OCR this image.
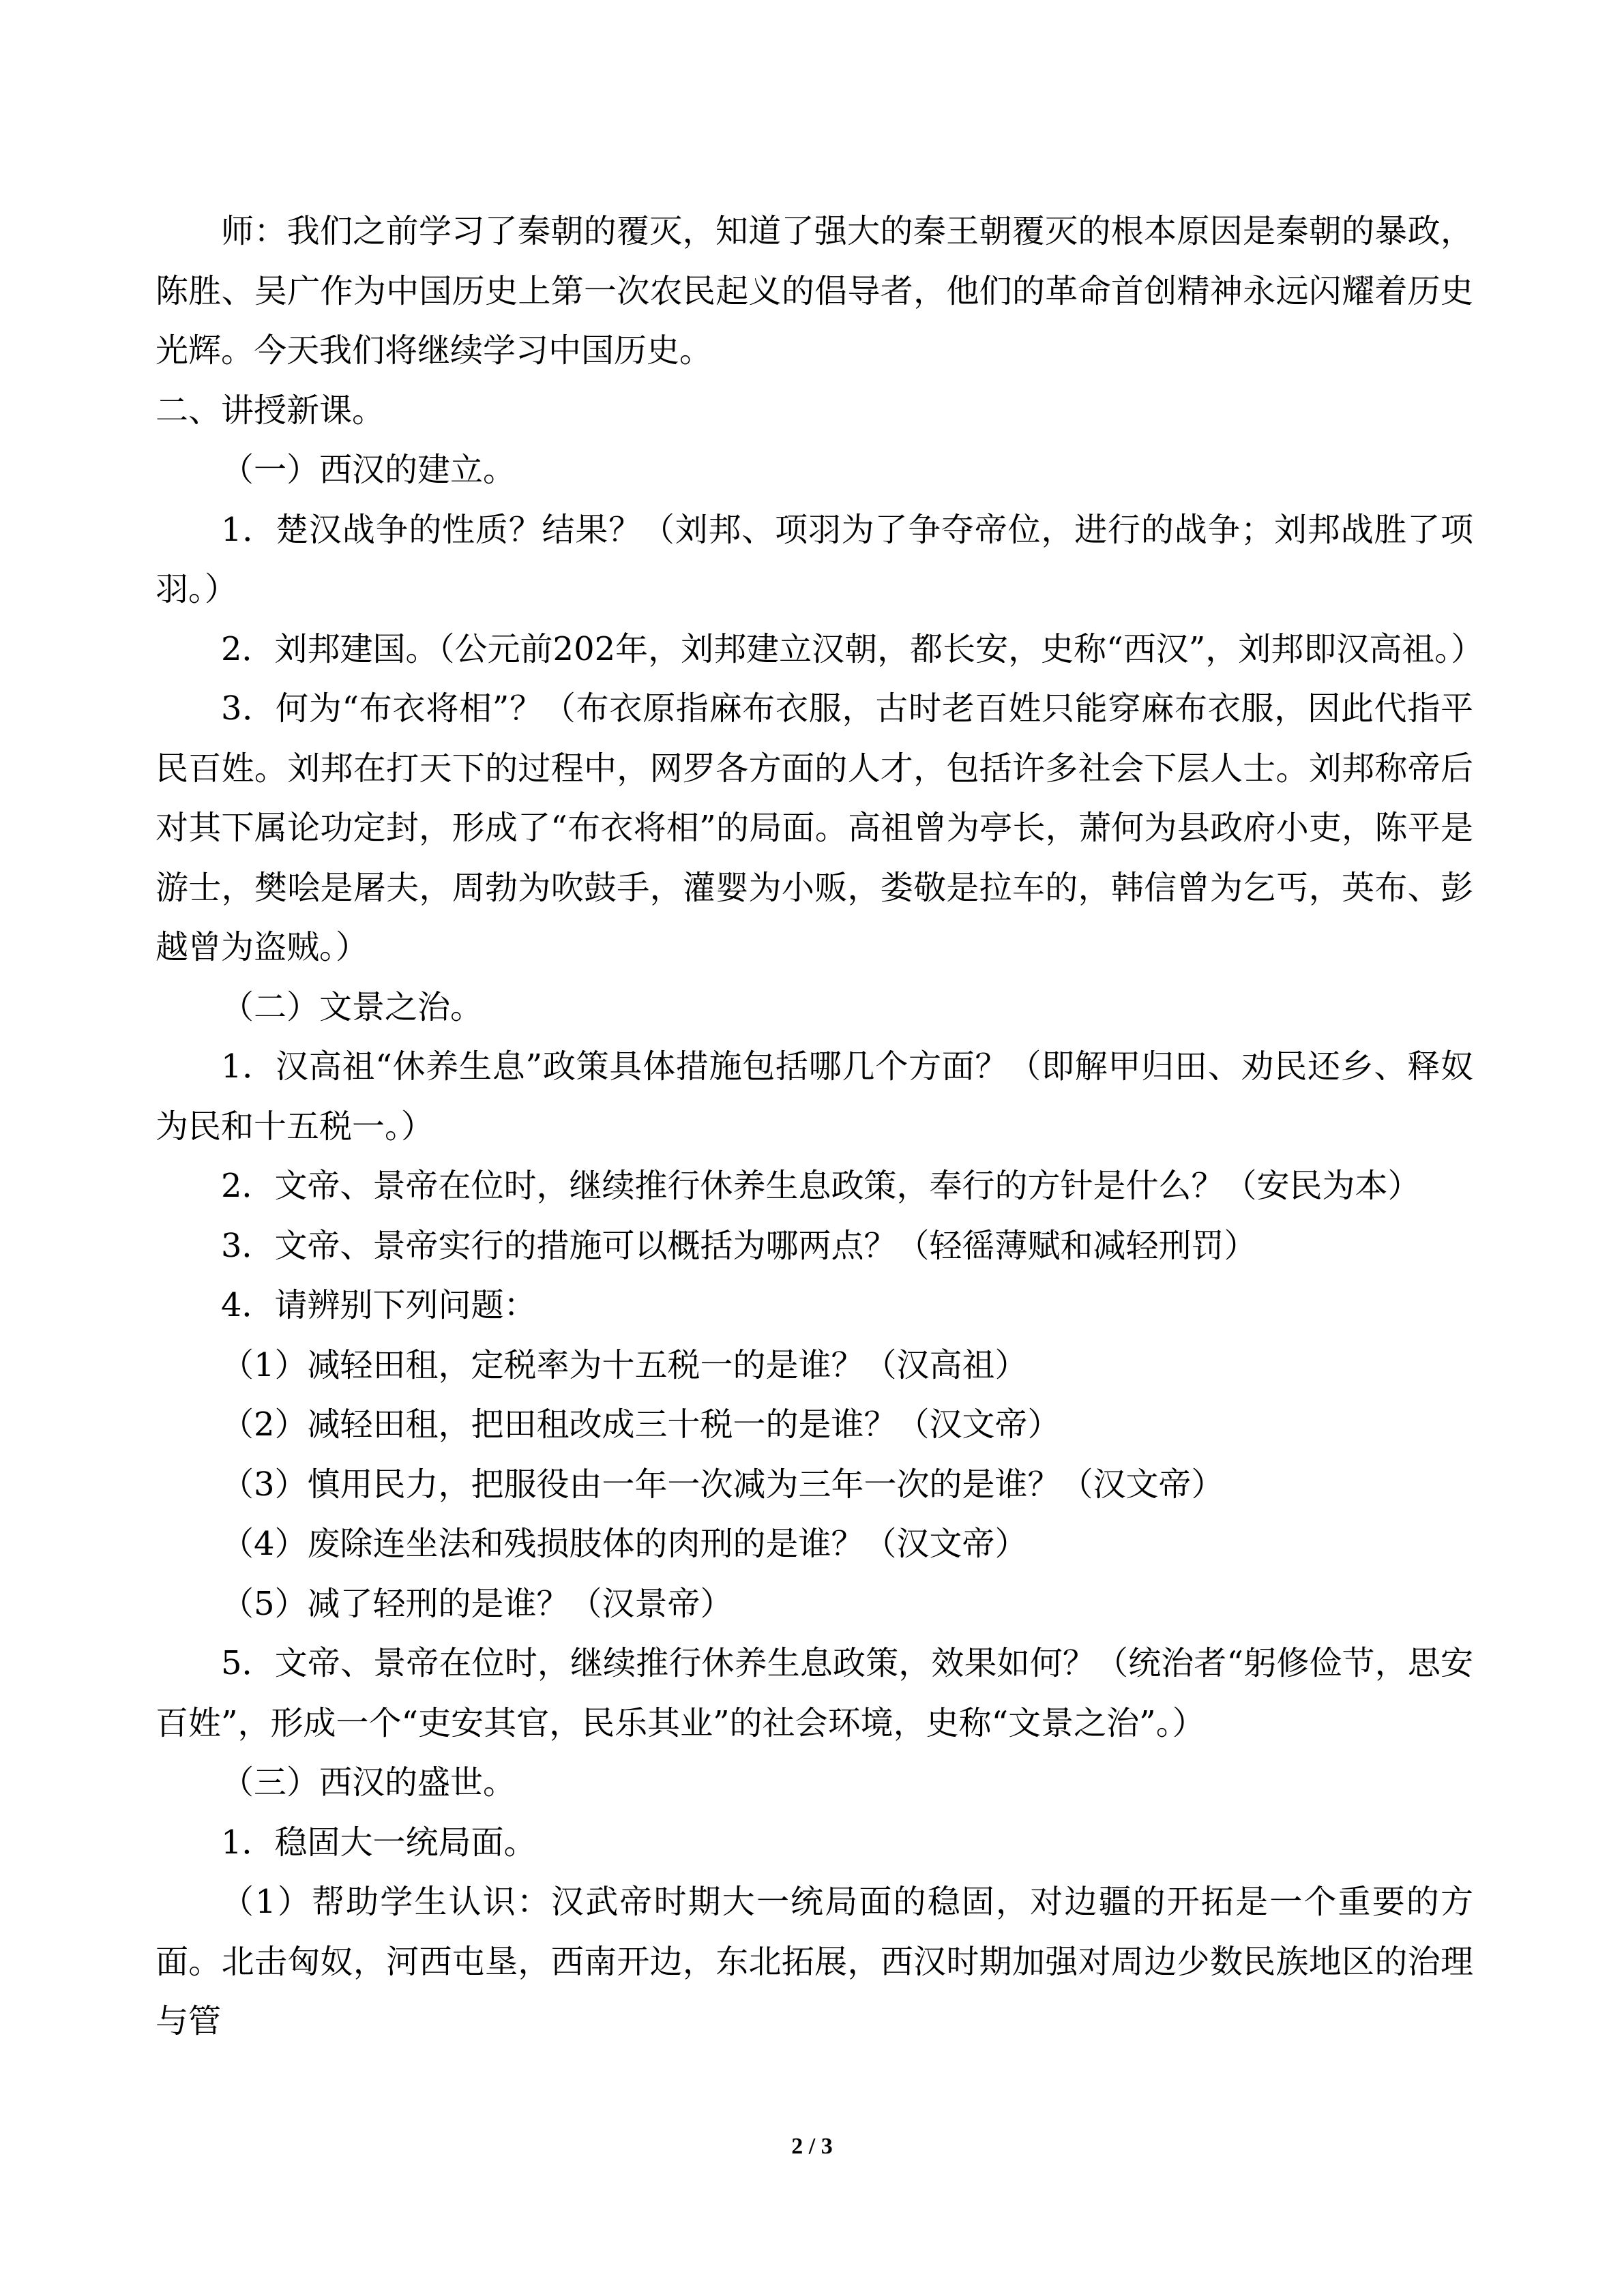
师：我们之前学习了秦朝的覆灭，知道了强大的秦王朝覆灭的根本原因是秦朝的暴政，陈胜、吴广作为中国历史上第一次农民起义的倡导者，他们的革命首创精神永远闪耀着历史光辉。今天我们将继续学习中国历史。

二、讲授新课。

（一）西汉的建立。

1．楚汉战争的性质？结果？（刘邦、项羽为了争夺帝位，进行的战争；刘邦战胜了项羽。）

2．刘邦建国。（公元前202年，刘邦建立汉朝，都长安，史称“西汉”，刘邦即汉高祖。）

3．何为“布衣将相”？（布衣原指麻布衣服，古时老百姓只能穿麻布衣服，因此代指平民百姓。刘邦在打天下的过程中，网罗各方面的人才，包括许多社会下层人士。刘邦称帝后对其下属论功定封，形成了“布衣将相”的局面。高祖曾为亭长，萧何为县政府小吏，陈平是游士，樊哙是屠夫，周勃为吹鼓手，灌婴为小贩，娄敬是拉车的，韩信曾为乞丐，英布、彭越曾为盗贼。）

（二）文景之治。

1．汉高祖“休养生息”政策具体措施包括哪几个方面？（即解甲归田、劝民还乡、释奴为民和十五税一。）

2．文帝、景帝在位时，继续推行休养生息政策，奉行的方针是什么？（安民为本）

3．文帝、景帝实行的措施可以概括为哪两点？（轻徭薄赋和减轻刑罚）

4．请辨别下列问题：

（1）减轻田租，定税率为十五税一的是谁？（汉高祖）

（2）减轻田租，把田租改成三十税一的是谁？（汉文帝）

（3）慎用民力，把服役由一年一次减为三年一次的是谁？（汉文帝）

（4）废除连坐法和残损肢体的肉刑的是谁？（汉文帝）

（5）减了轻刑的是谁？（汉景帝）

5．文帝、景帝在位时，继续推行休养生息政策，效果如何？（统治者“躬修俭节，思安百姓”，形成一个“吏安其官，民乐其业”的社会环境，史称“文景之治”。）

（三）西汉的盛世。

1．稳固大一统局面。

（1）帮助学生认识：汉武帝时期大一统局面的稳固，对边疆的开拓是一个重要的方面。北击匈奴，河西屯垦，西南开边，东北拓展，西汉时期加强对周边少数民族地区的治理与管

2 / 3
